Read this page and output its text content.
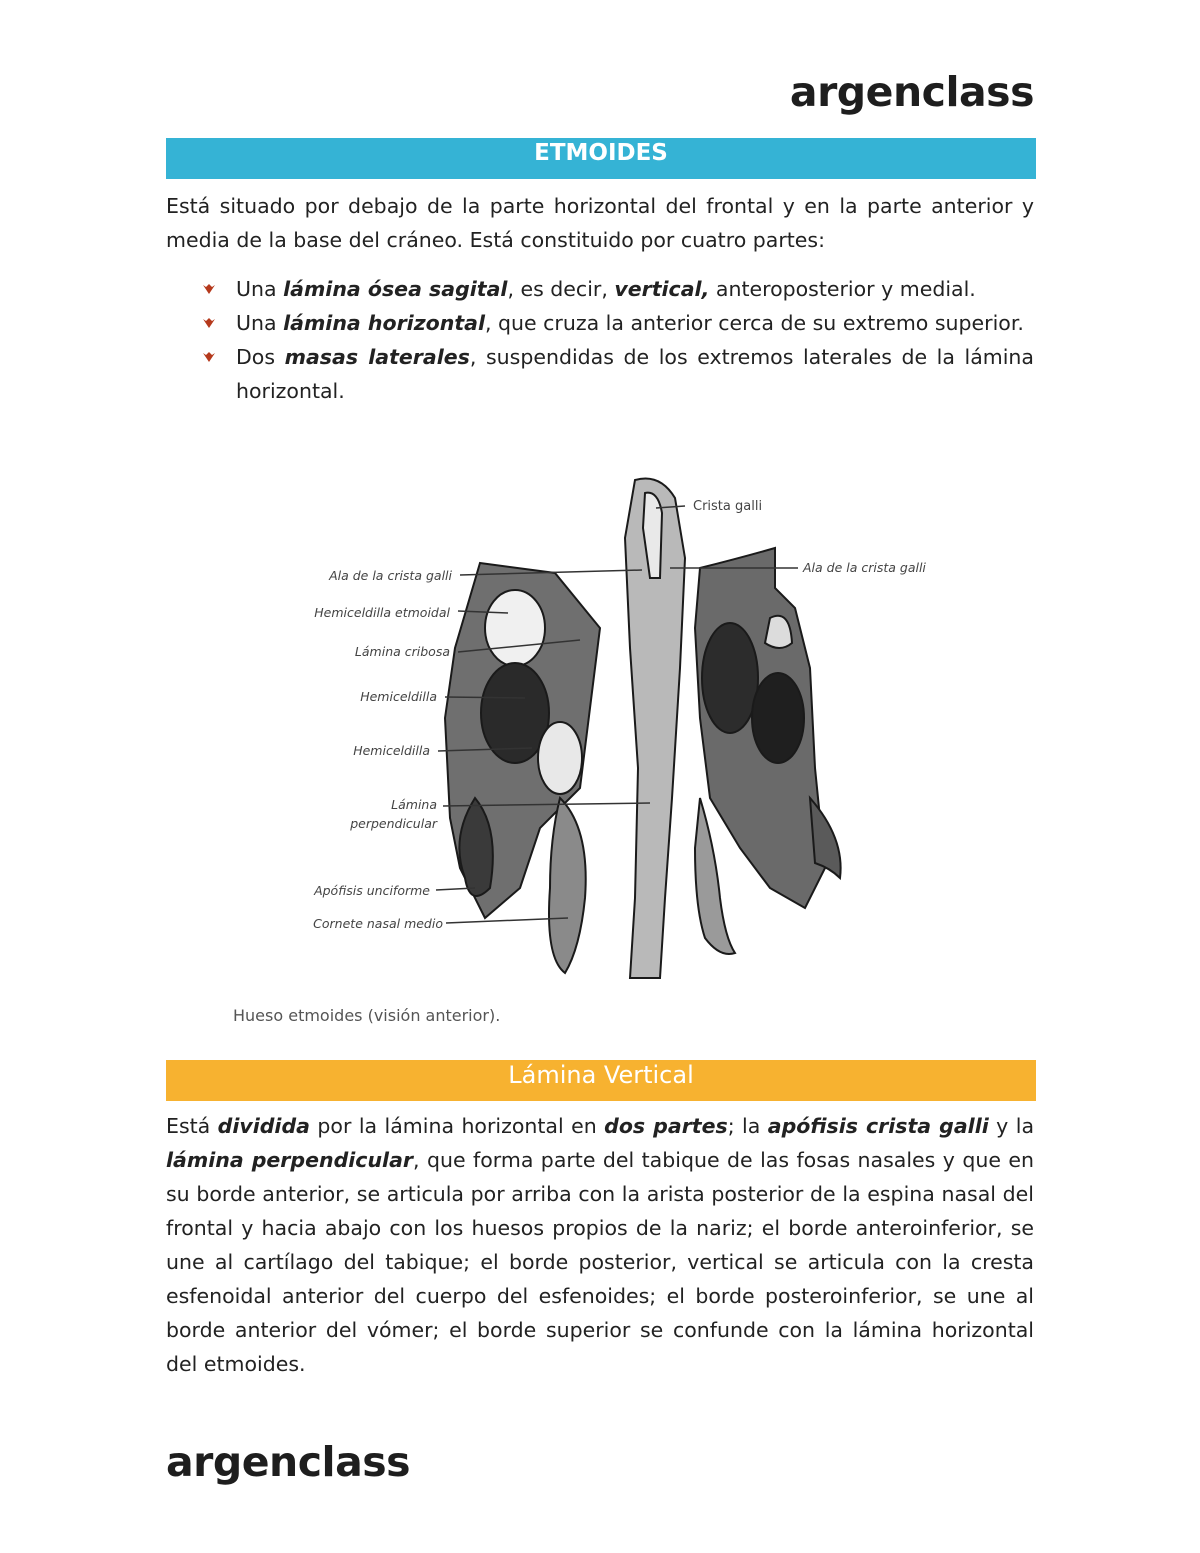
argenclass
ETMOIDES
Está situado por debajo de la parte horizontal del frontal y en la parte anterior y media de la base del cráneo. Está constituido por cuatro partes:
Una lámina ósea sagital, es decir, vertical, anteroposterior y medial.
Una lámina horizontal, que cruza la anterior cerca de su extremo superior.
Dos masas laterales, suspendidas de los extremos laterales de la lámina horizontal.
Crista galli
Ala de la crista galli
Ala de la crista galli
Hemiceldilla etmoidal
Lámina cribosa
Hemiceldilla
Hemiceldilla
Lámina
perpendicular
Apófisis unciforme
Cornete nasal medio
Hueso etmoides (visión anterior).
Lámina Vertical
Está dividida por la lámina horizontal en dos partes; la apófisis crista galli y la lámina perpendicular, que forma parte del tabique de las fosas nasales y que en su borde anterior, se articula por arriba con la arista posterior de la espina nasal del frontal y hacia abajo con los huesos propios de la nariz; el borde anteroinferior, se une al cartílago del tabique; el borde posterior, vertical se articula con la cresta esfenoidal anterior del cuerpo del esfenoides; el borde posteroinferior, se une al borde anterior del vómer; el borde superior se confunde con la lámina horizontal del etmoides.
argenclass
